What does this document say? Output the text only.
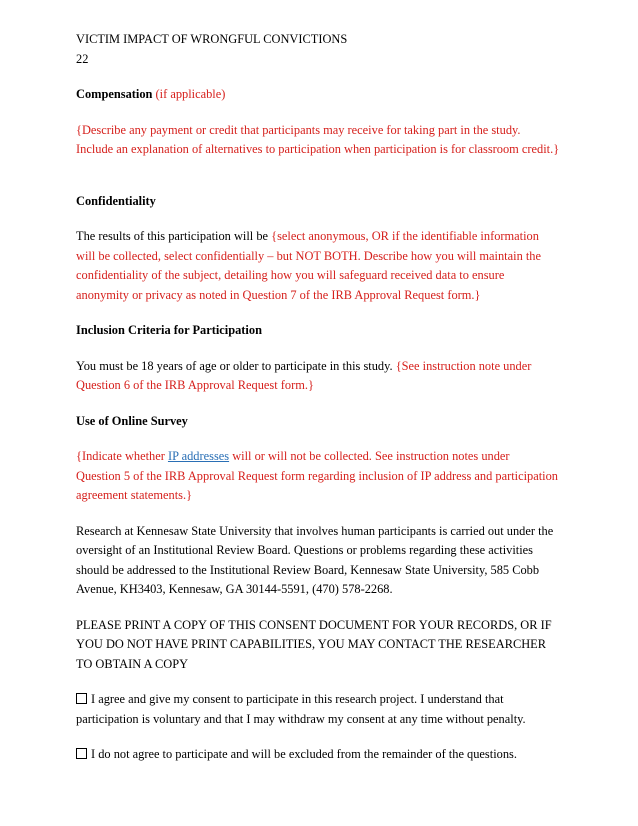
VICTIM IMPACT OF WRONGFUL CONVICTIONS
22
Compensation (if applicable)
{Describe any payment or credit that participants may receive for taking part in the study.
Include an explanation of alternatives to participation when participation is for classroom credit.}
Confidentiality
The results of this participation will be {select anonymous, OR if the identifiable information
will be collected, select confidentially – but NOT BOTH. Describe how you will maintain the
confidentiality of the subject, detailing how you will safeguard received data to ensure
anonymity or privacy as noted in Question 7 of the IRB Approval Request form.}
Inclusion Criteria for Participation
You must be 18 years of age or older to participate in this study. {See instruction note under
Question 6 of the IRB Approval Request form.}
Use of Online Survey
{Indicate whether IP addresses will or will not be collected. See instruction notes under
Question 5 of the IRB Approval Request form regarding inclusion of IP address and participation
agreement statements.}
Research at Kennesaw State University that involves human participants is carried out under the
oversight of an Institutional Review Board. Questions or problems regarding these activities
should be addressed to the Institutional Review Board, Kennesaw State University, 585 Cobb
Avenue, KH3403, Kennesaw, GA 30144-5591, (470) 578-2268.
PLEASE PRINT A COPY OF THIS CONSENT DOCUMENT FOR YOUR RECORDS, OR IF
YOU DO NOT HAVE PRINT CAPABILITIES, YOU MAY CONTACT THE RESEARCHER
TO OBTAIN A COPY
I agree and give my consent to participate in this research project. I understand that
participation is voluntary and that I may withdraw my consent at any time without penalty.
I do not agree to participate and will be excluded from the remainder of the questions.
